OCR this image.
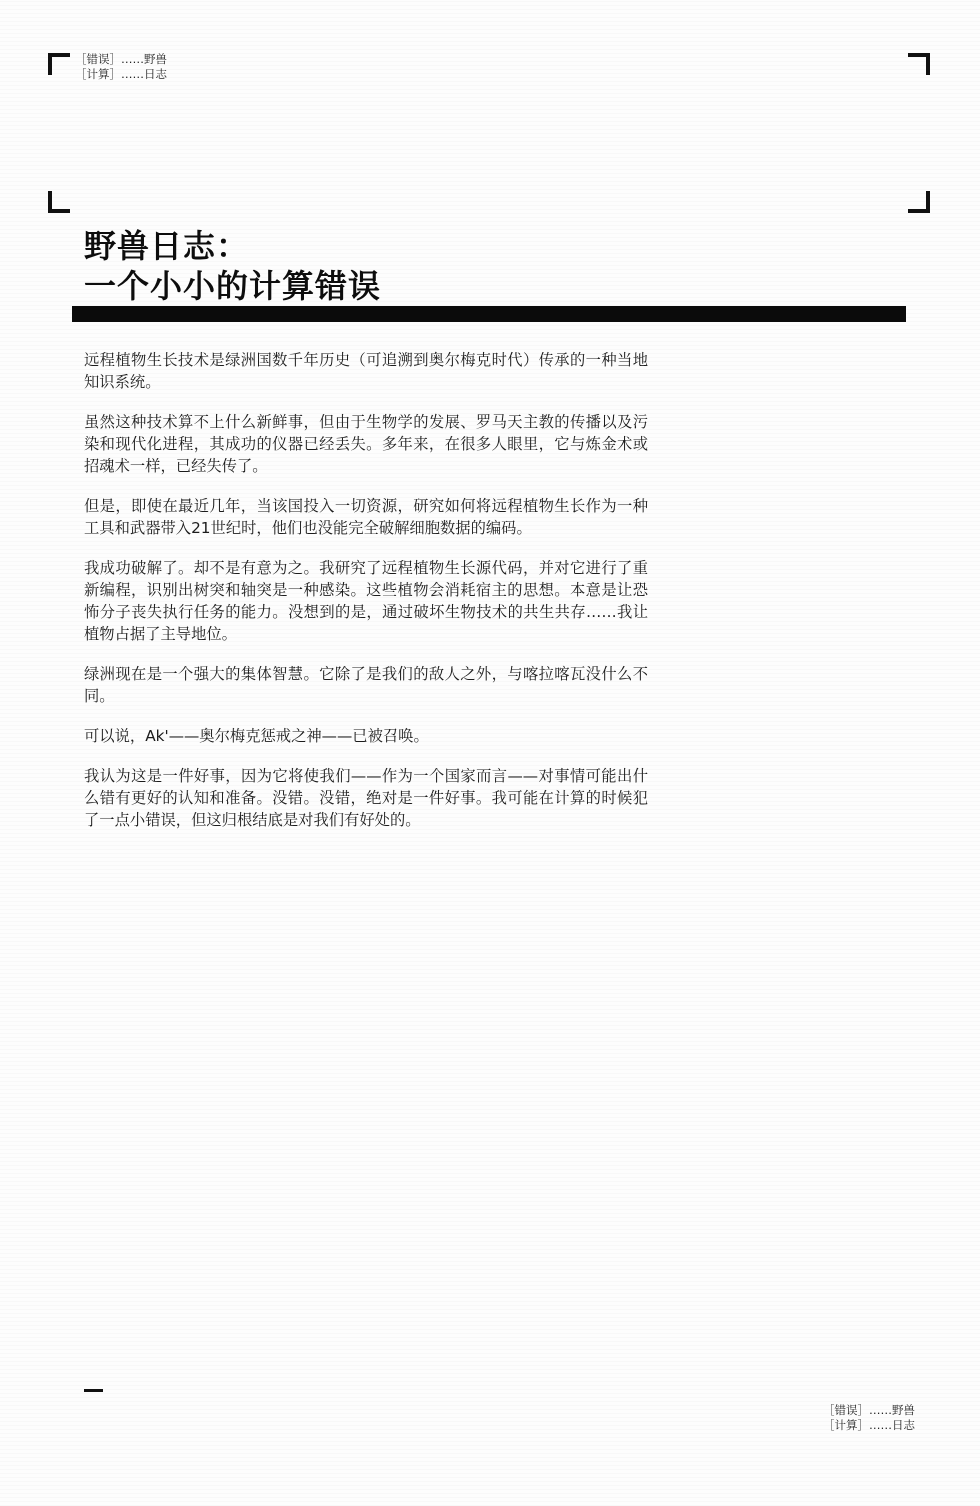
［错误］……野兽
［计算］……日志
野兽日志：
一个小小的计算错误

远程植物生长技术是绿洲国数千年历史（可追溯到奥尔梅克时代）传承的一种当地知识系统。

虽然这种技术算不上什么新鲜事，但由于生物学的发展、罗马天主教的传播以及污染和现代化进程，其成功的仪器已经丢失。多年来，在很多人眼里，它与炼金术或招魂术一样，已经失传了。

但是，即使在最近几年，当该国投入一切资源，研究如何将远程植物生长作为一种工具和武器带入21世纪时，他们也没能完全破解细胞数据的编码。

我成功破解了。却不是有意为之。我研究了远程植物生长源代码，并对它进行了重新编程，识别出树突和轴突是一种感染。这些植物会消耗宿主的思想。本意是让恐怖分子丧失执行任务的能力。没想到的是，通过破坏生物技术的共生共存……我让植物占据了主导地位。

绿洲现在是一个强大的集体智慧。它除了是我们的敌人之外，与喀拉喀瓦没什么不同。

可以说，Ak'——奥尔梅克惩戒之神——已被召唤。

我认为这是一件好事，因为它将使我们——作为一个国家而言——对事情可能出什么错有更好的认知和准备。没错。没错，绝对是一件好事。我可能在计算的时候犯了一点小错误，但这归根结底是对我们有好处的。

［错误］……野兽
［计算］……日志
